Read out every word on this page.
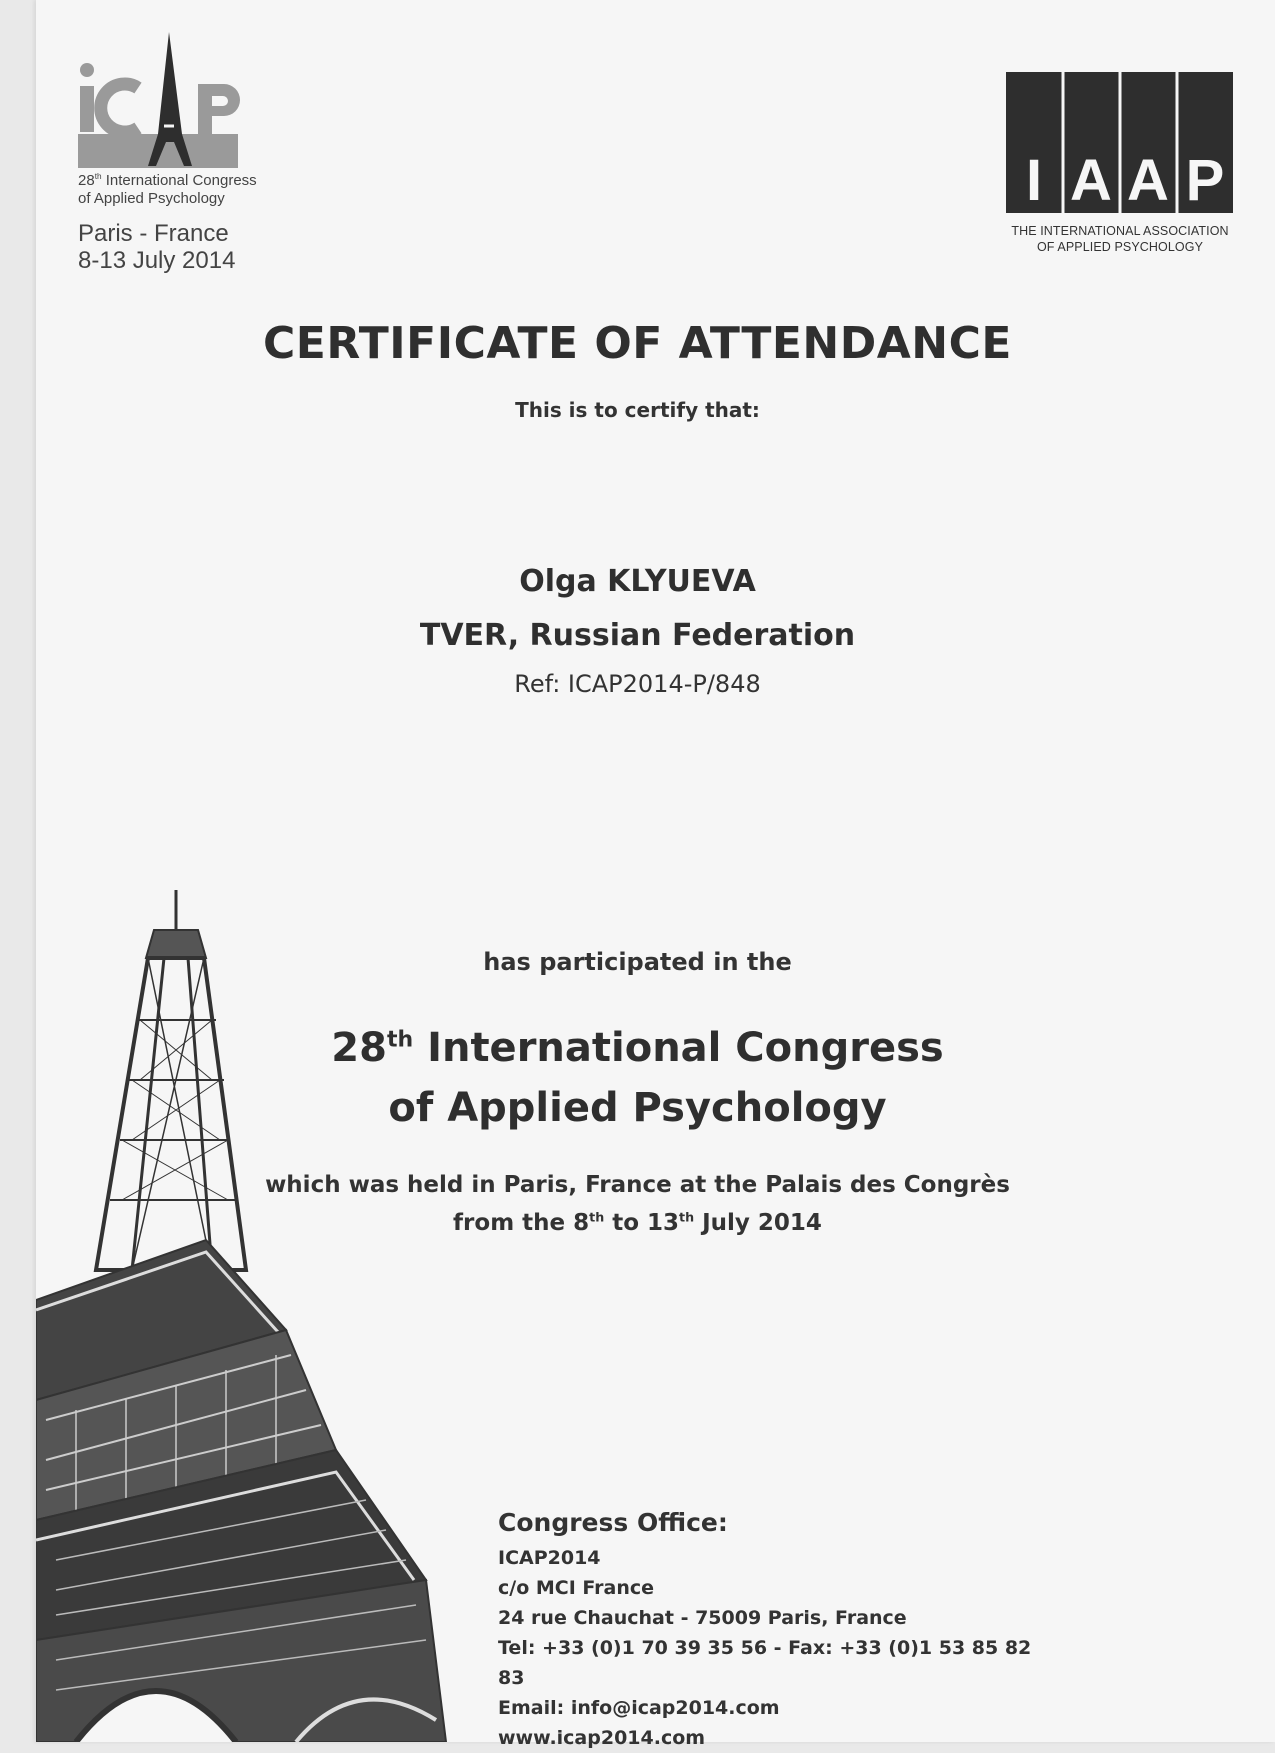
28th International Congress
of Applied Psychology
Paris - France
8-13 July 2014
I A A P
THE INTERNATIONAL ASSOCIATION
OF APPLIED PSYCHOLOGY
CERTIFICATE OF ATTENDANCE
This is to certify that:
Olga KLYUEVA
TVER, Russian Federation
Ref: ICAP2014-P/848
has participated in the
28th International Congress
of Applied Psychology
which was held in Paris, France at the Palais des Congrès
from the 8th to 13th July 2014
Congress Office:
ICAP2014
c/o MCI France
24 rue Chauchat - 75009 Paris, France
Tel: +33 (0)1 70 39 35 56 - Fax: +33 (0)1 53 85 82 83
Email: info@icap2014.com
www.icap2014.com
